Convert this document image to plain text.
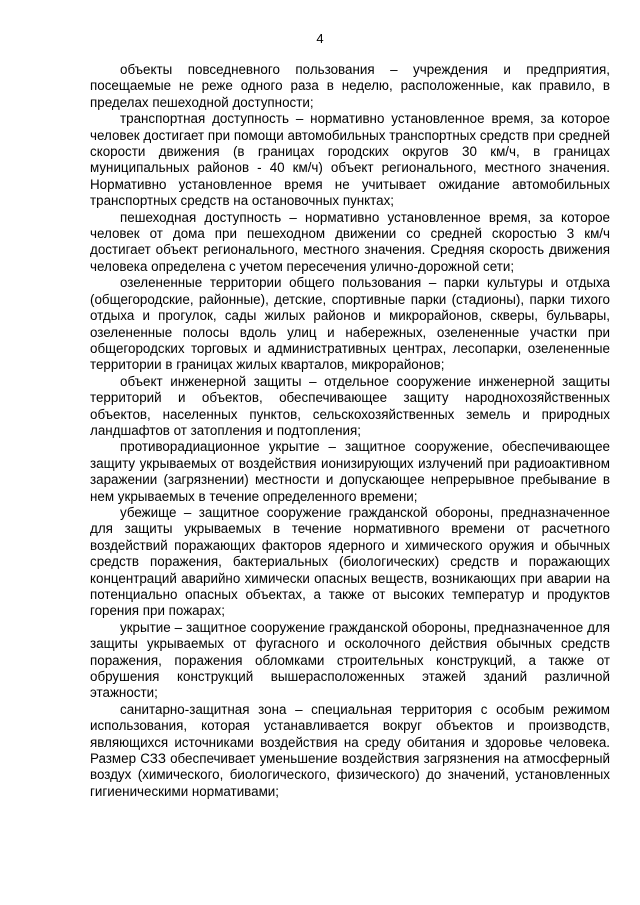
4

объекты повседневного пользования – учреждения и предприятия, посещаемые не реже одного раза в неделю, расположенные, как правило, в пределах пешеходной доступности;

транспортная доступность – нормативно установленное время, за которое человек достигает при помощи автомобильных транспортных средств при средней скорости движения (в границах городских округов 30 км/ч, в границах муниципальных районов - 40 км/ч) объект регионального, местного значения. Нормативно установленное время не учитывает ожидание автомобильных транспортных средств на остановочных пунктах;

пешеходная доступность – нормативно установленное время, за которое человек от дома при пешеходном движении со средней скоростью 3 км/ч достигает объект регионального, местного значения. Средняя скорость движения человека определена с учетом пересечения улично-дорожной сети;

озелененные территории общего пользования – парки культуры и отдыха (общегородские, районные), детские, спортивные парки (стадионы), парки тихого отдыха и прогулок, сады жилых районов и микрорайонов, скверы, бульвары, озелененные полосы вдоль улиц и набережных, озелененные участки при общегородских торговых и административных центрах, лесопарки, озелененные территории в границах жилых кварталов, микрорайонов;

объект инженерной защиты – отдельное сооружение инженерной защиты территорий и объектов, обеспечивающее защиту народнохозяйственных объектов, населенных пунктов, сельскохозяйственных земель и природных ландшафтов от затопления и подтопления;

противорадиационное укрытие – защитное сооружение, обеспечивающее защиту укрываемых от воздействия ионизирующих излучений при радиоактивном заражении (загрязнении) местности и допускающее непрерывное пребывание в нем укрываемых в течение определенного времени;

убежище – защитное сооружение гражданской обороны, предназначенное для защиты укрываемых в течение нормативного времени от расчетного воздействий поражающих факторов ядерного и химического оружия и обычных средств поражения, бактериальных (биологических) средств и поражающих концентраций аварийно химически опасных веществ, возникающих при аварии на потенциально опасных объектах, а также от высоких температур и продуктов горения при пожарах;

укрытие – защитное сооружение гражданской обороны, предназначенное для защиты укрываемых от фугасного и осколочного действия обычных средств поражения, поражения обломками строительных конструкций, а также от обрушения конструкций вышерасположенных этажей зданий различной этажности;

санитарно-защитная зона – специальная территория с особым режимом использования, которая устанавливается вокруг объектов и производств, являющихся источниками воздействия на среду обитания и здоровье человека. Размер СЗЗ обеспечивает уменьшение воздействия загрязнения на атмосферный воздух (химического, биологического, физического) до значений, установленных гигиеническими нормативами;
